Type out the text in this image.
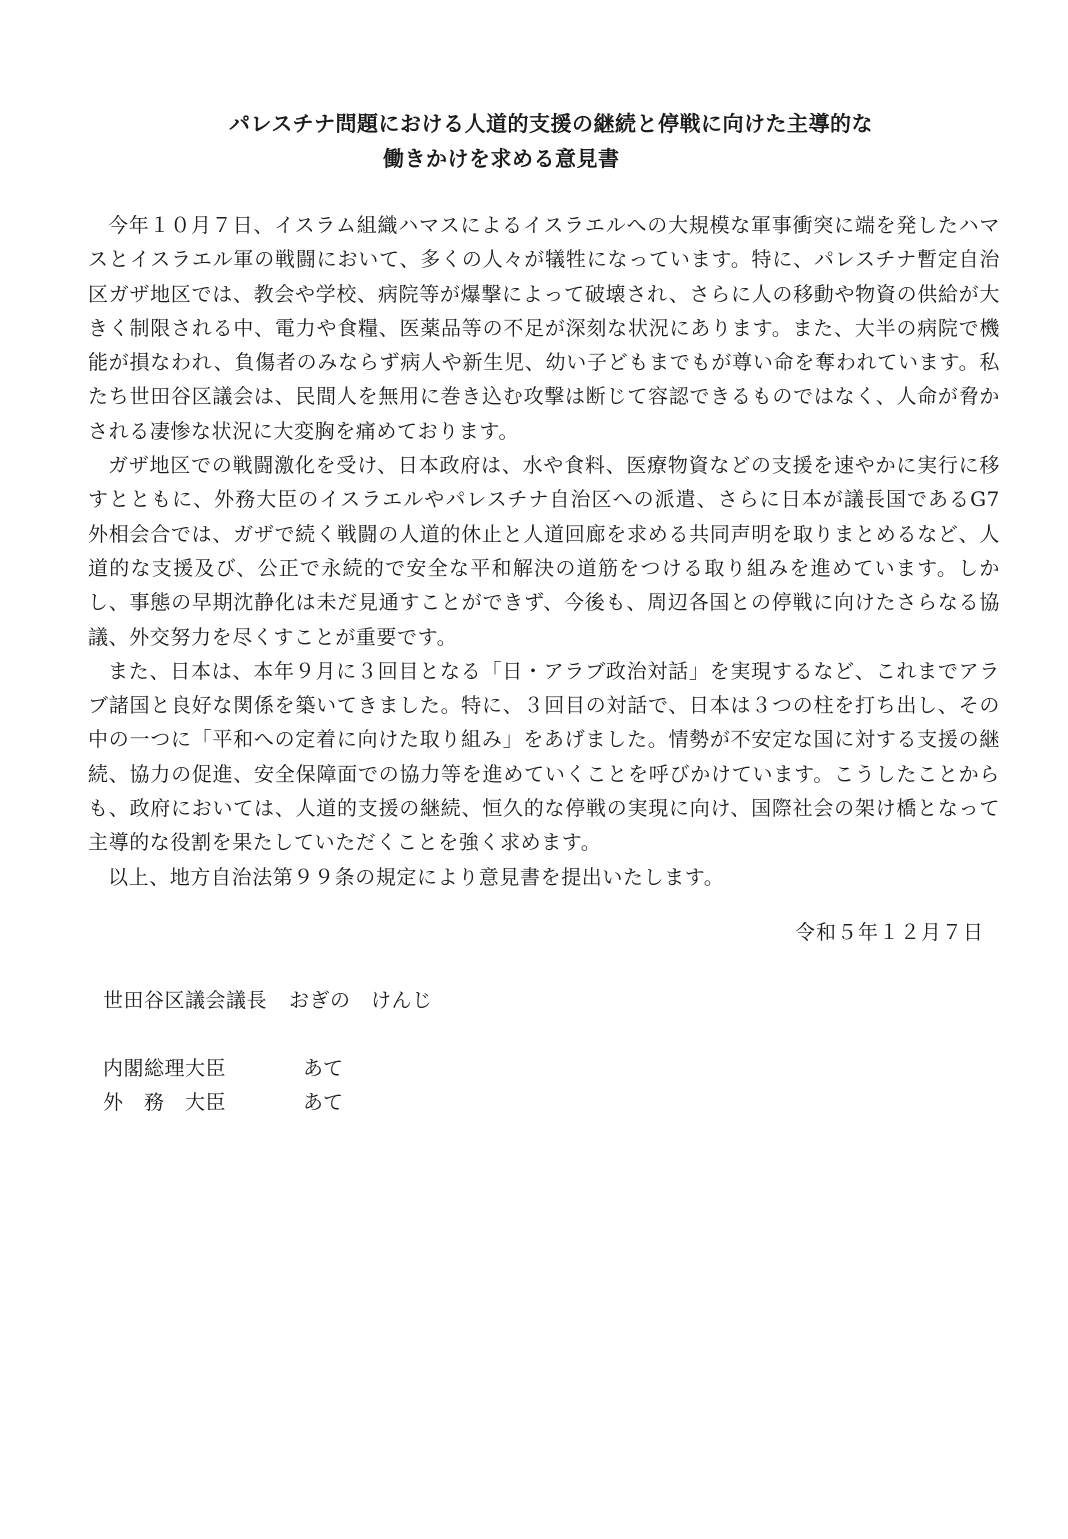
パレスチナ問題における人道的支援の継続と停戦に向けた主導的な
働きかけを求める意見書

今年１０月７日、イスラム組織ハマスによるイスラエルへの大規模な軍事衝突に端を発したハマスとイスラエル軍の戦闘において、多くの人々が犠牲になっています。特に、パレスチナ暫定自治区ガザ地区では、教会や学校、病院等が爆撃によって破壊され、さらに人の移動や物資の供給が大きく制限される中、電力や食糧、医薬品等の不足が深刻な状況にあります。また、大半の病院で機能が損なわれ、負傷者のみならず病人や新生児、幼い子どもまでもが尊い命を奪われています。私たち世田谷区議会は、民間人を無用に巻き込む攻撃は断じて容認できるものではなく、人命が脅かされる凄惨な状況に大変胸を痛めております。

ガザ地区での戦闘激化を受け、日本政府は、水や食料、医療物資などの支援を速やかに実行に移すとともに、外務大臣のイスラエルやパレスチナ自治区への派遣、さらに日本が議長国であるG7外相会合では、ガザで続く戦闘の人道的休止と人道回廊を求める共同声明を取りまとめるなど、人道的な支援及び、公正で永続的で安全な平和解決の道筋をつける取り組みを進めています。しかし、事態の早期沈静化は未だ見通すことができず、今後も、周辺各国との停戦に向けたさらなる協議、外交努力を尽くすことが重要です。

また、日本は、本年９月に３回目となる「日・アラブ政治対話」を実現するなど、これまでアラブ諸国と良好な関係を築いてきました。特に、３回目の対話で、日本は３つの柱を打ち出し、その中の一つに「平和への定着に向けた取り組み」をあげました。情勢が不安定な国に対する支援の継続、協力の促進、安全保障面での協力等を進めていくことを呼びかけています。こうしたことからも、政府においては、人道的支援の継続、恒久的な停戦の実現に向け、国際社会の架け橋となって主導的な役割を果たしていただくことを強く求めます。

以上、地方自治法第９９条の規定により意見書を提出いたします。

令和５年１２月７日
世田谷区議会議長 おぎの　けんじ
内閣総理大臣	あて
外　務　大臣	あて
